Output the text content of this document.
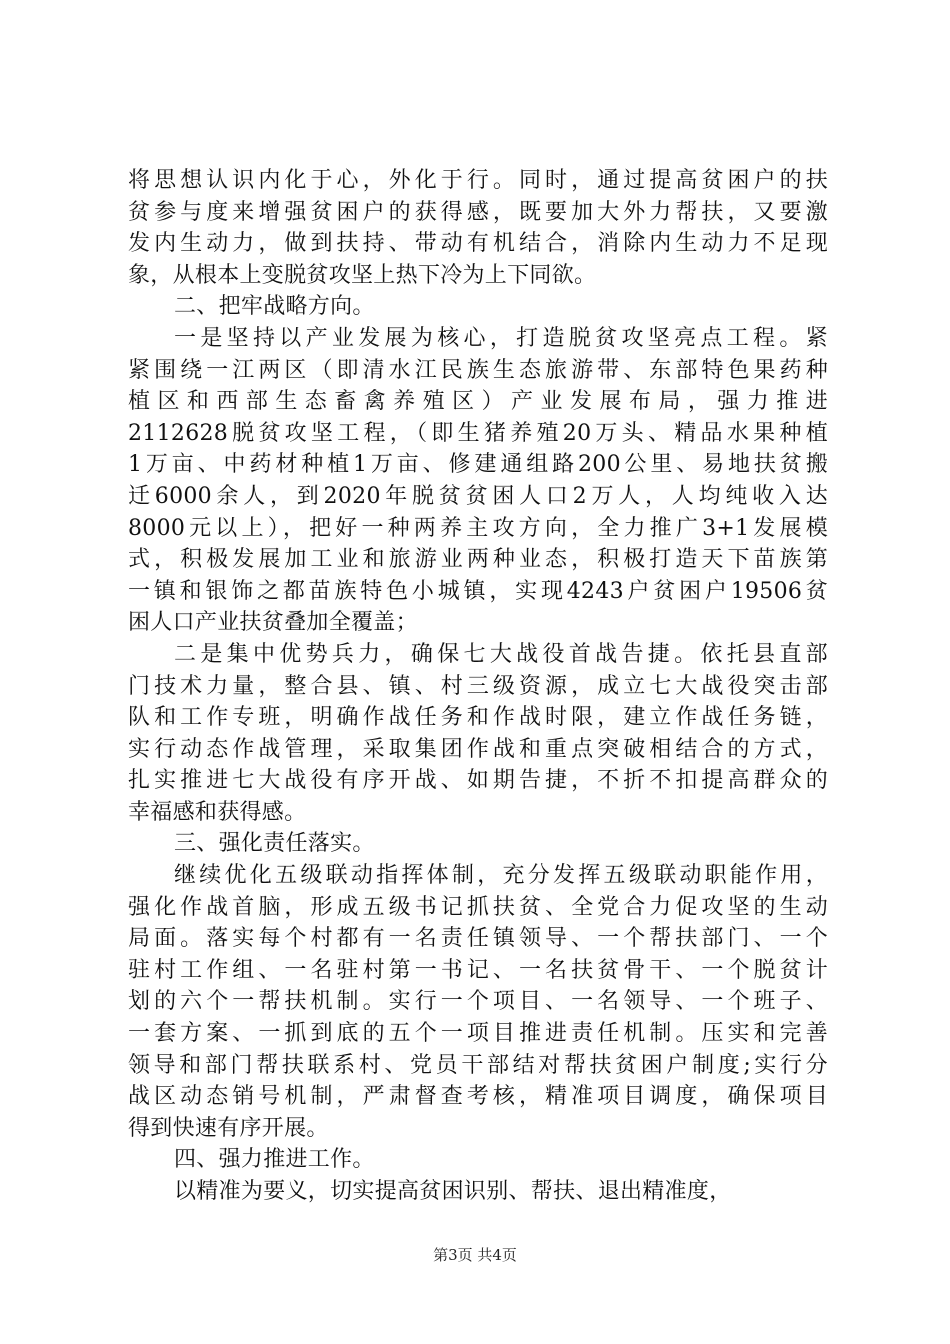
将思想认识内化于心，外化于行。同时，通过提高贫困户的扶
贫参与度来增强贫困户的获得感，既要加大外力帮扶，又要激
发内生动力，做到扶持、带动有机结合，消除内生动力不足现
象，从根本上变脱贫攻坚上热下冷为上下同欲。
二、把牢战略方向。
一是坚持以产业发展为核心，打造脱贫攻坚亮点工程。紧
紧围绕一江两区（即清水江民族生态旅游带、东部特色果药种
植区和西部生态畜禽养殖区）产业发展布局，强力推进
2112628脱贫攻坚工程，（即生猪养殖20万头、精品水果种植
1万亩、中药材种植1万亩、修建通组路200公里、易地扶贫搬
迁6000余人，到2020年脱贫贫困人口2万人，人均纯收入达
8000元以上），把好一种两养主攻方向，全力推广3+1发展模
式，积极发展加工业和旅游业两种业态，积极打造天下苗族第
一镇和银饰之都苗族特色小城镇，实现4243户贫困户19506贫
困人口产业扶贫叠加全覆盖；
二是集中优势兵力，确保七大战役首战告捷。依托县直部
门技术力量，整合县、镇、村三级资源，成立七大战役突击部
队和工作专班，明确作战任务和作战时限，建立作战任务链，
实行动态作战管理，采取集团作战和重点突破相结合的方式，
扎实推进七大战役有序开战、如期告捷，不折不扣提高群众的
幸福感和获得感。
三、强化责任落实。
继续优化五级联动指挥体制，充分发挥五级联动职能作用，
强化作战首脑，形成五级书记抓扶贫、全党合力促攻坚的生动
局面。落实每个村都有一名责任镇领导、一个帮扶部门、一个
驻村工作组、一名驻村第一书记、一名扶贫骨干、一个脱贫计
划的六个一帮扶机制。实行一个项目、一名领导、一个班子、
一套方案、一抓到底的五个一项目推进责任机制。压实和完善
领导和部门帮扶联系村、党员干部结对帮扶贫困户制度;实行分
战区动态销号机制，严肃督查考核，精准项目调度，确保项目
得到快速有序开展。
四、强力推进工作。
以精准为要义，切实提高贫困识别、帮扶、退出精准度，
第3页 共4页
